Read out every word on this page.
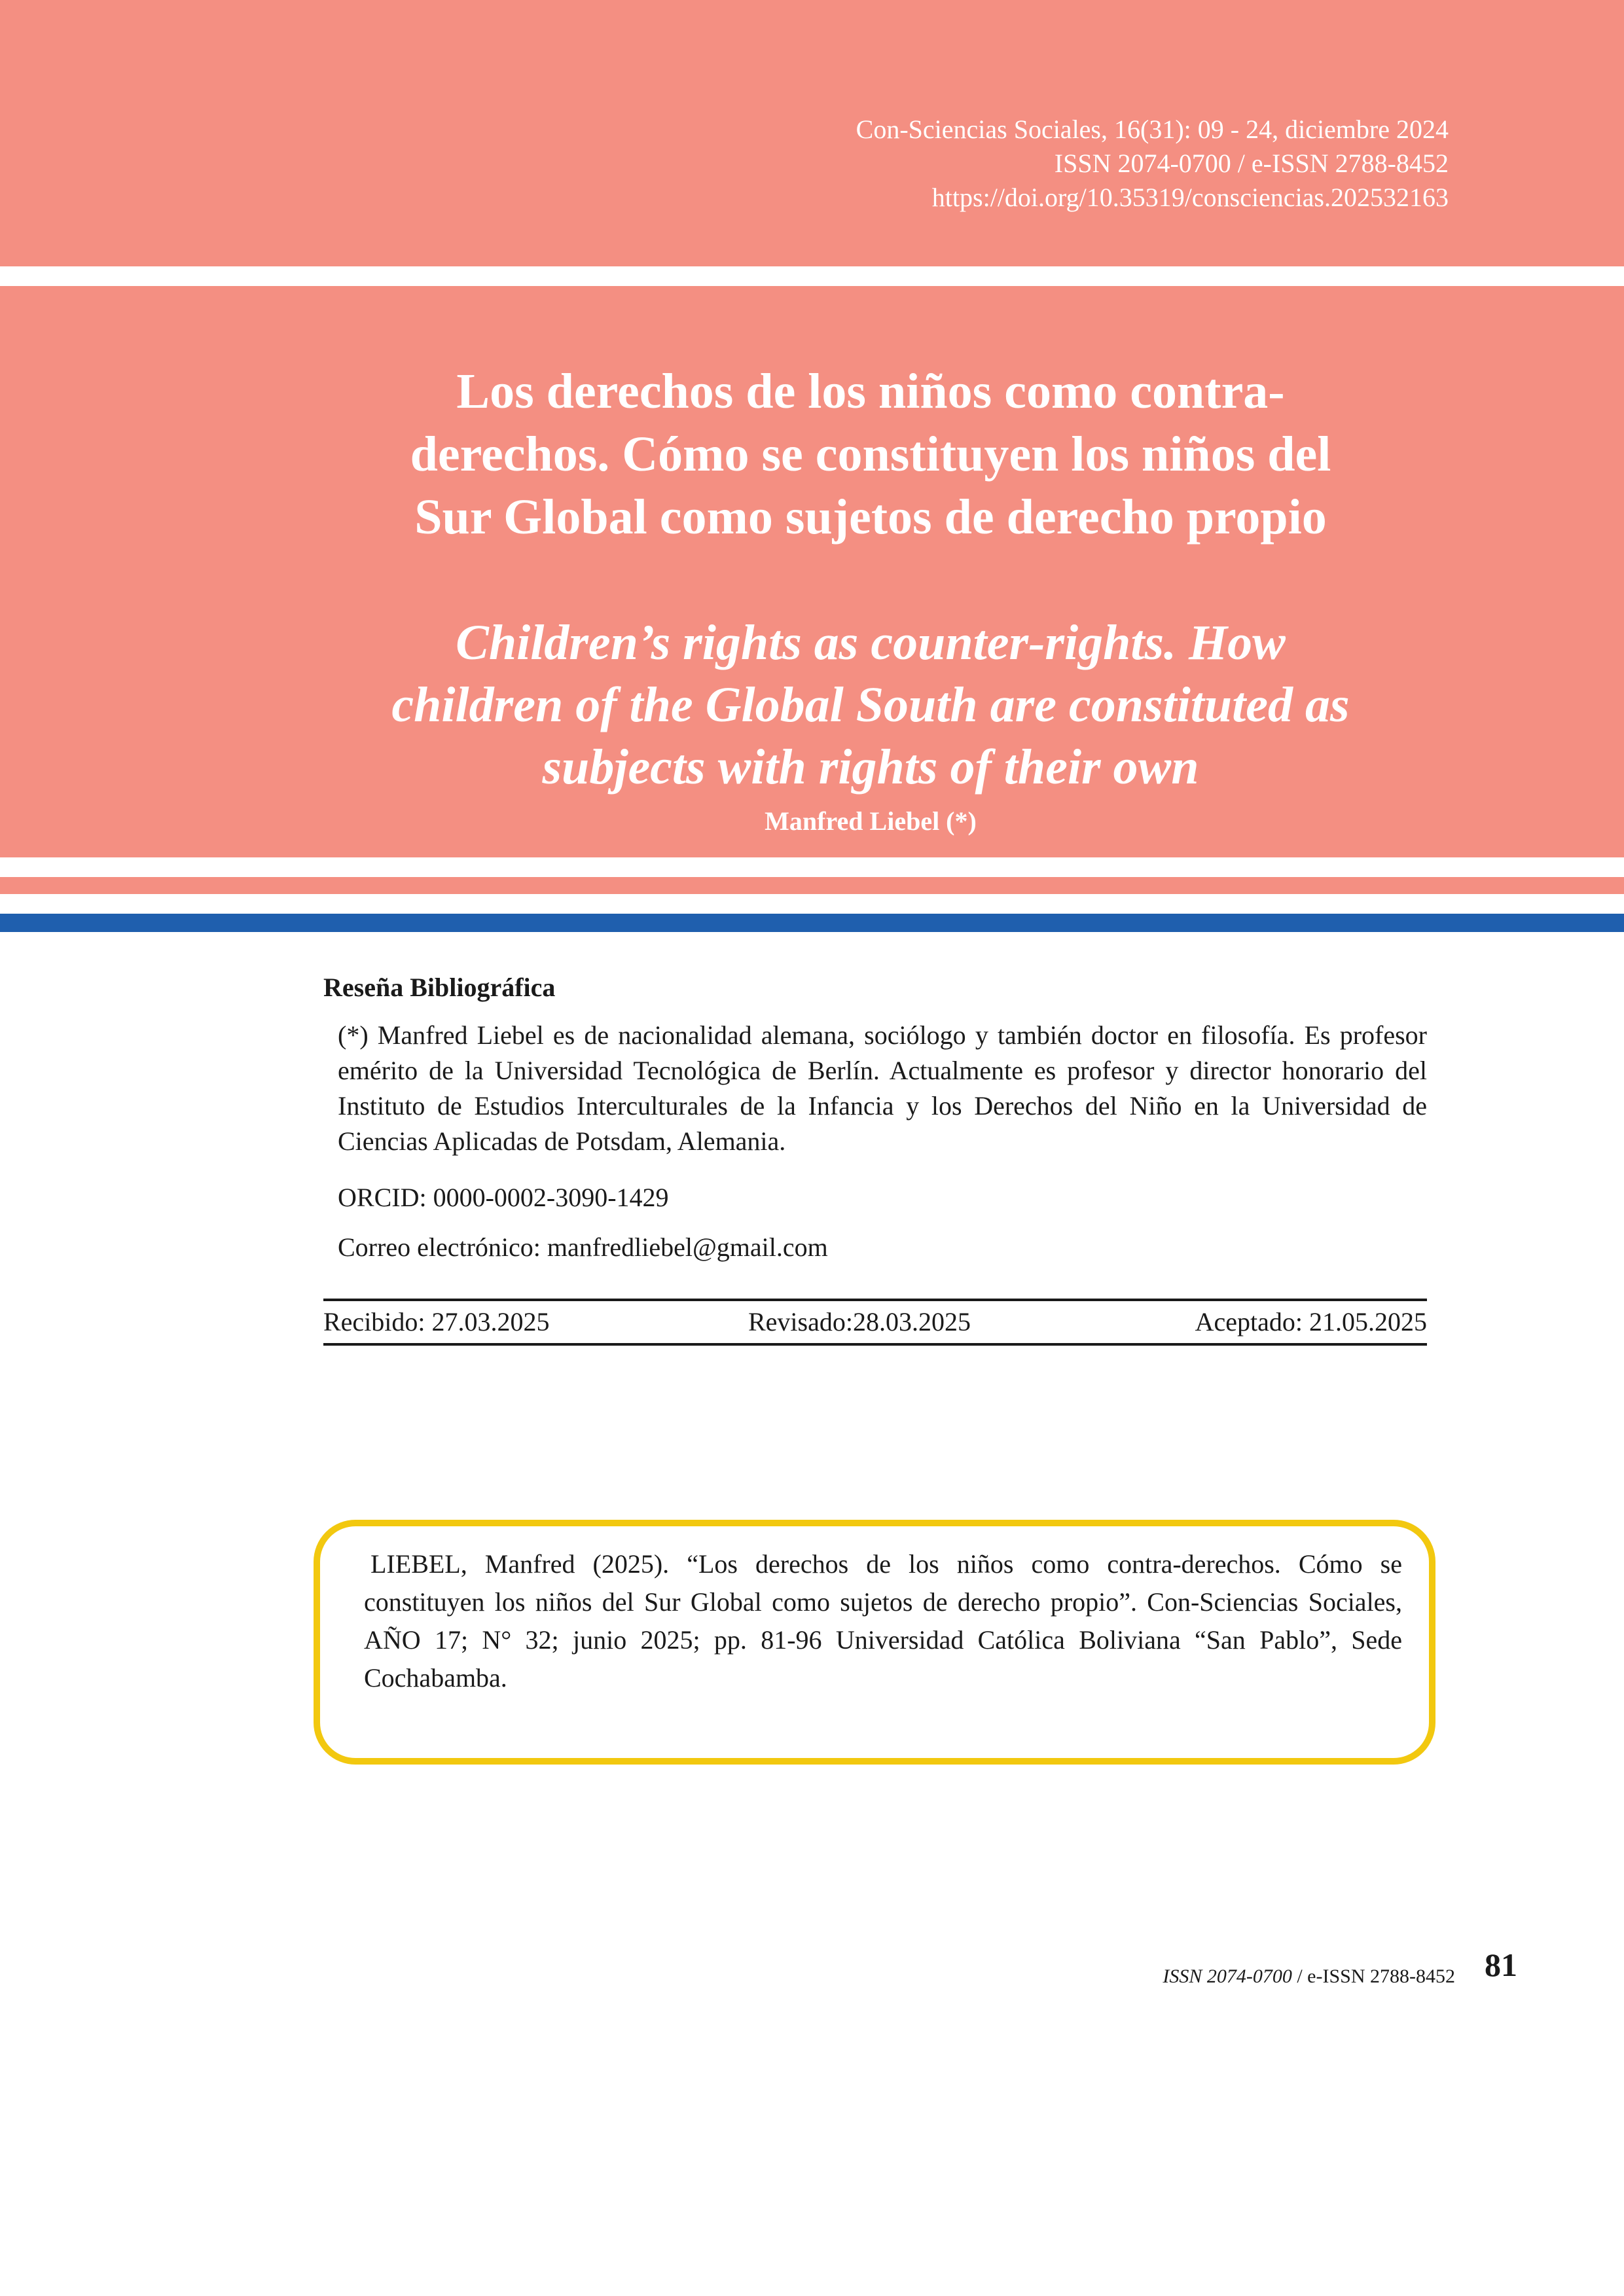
Con-Sciencias Sociales, 16(31): 09 - 24, diciembre 2024
ISSN 2074-0700 / e-ISSN 2788-8452
https://doi.org/10.35319/consciencias.202532163
Los derechos de los niños como contra-
derechos. Cómo se constituyen los niños del
Sur Global como sujetos de derecho propio
Children’s rights as counter-rights. How
children of the Global South are constituted as
subjects with rights of their own
Manfred Liebel (*)
Reseña Bibliográfica
(*) Manfred Liebel es de nacionalidad alemana, sociólogo y también doctor en filosofía. Es profesor emérito de la Universidad Tecnológica de Berlín. Actualmente es profesor y director honorario del Instituto de Estudios Interculturales de la Infancia y los Derechos del Niño en la Universidad de Ciencias Aplicadas de Potsdam, Alemania.
ORCID: 0000-0002-3090-1429
Correo electrónico: manfredliebel@gmail.com
Recibido: 27.03.2025	Revisado:28.03.2025	Aceptado: 21.05.2025
LIEBEL, Manfred (2025). “Los derechos de los niños como contra-derechos. Cómo se constituyen los niños del Sur Global como sujetos de derecho propio”. Con-Sciencias Sociales, AÑO 17; N° 32; junio 2025; pp. 81-96 Universidad Católica Boliviana “San Pablo”, Sede Cochabamba.
ISSN 2074-0700 / e-ISSN 2788-8452 81
